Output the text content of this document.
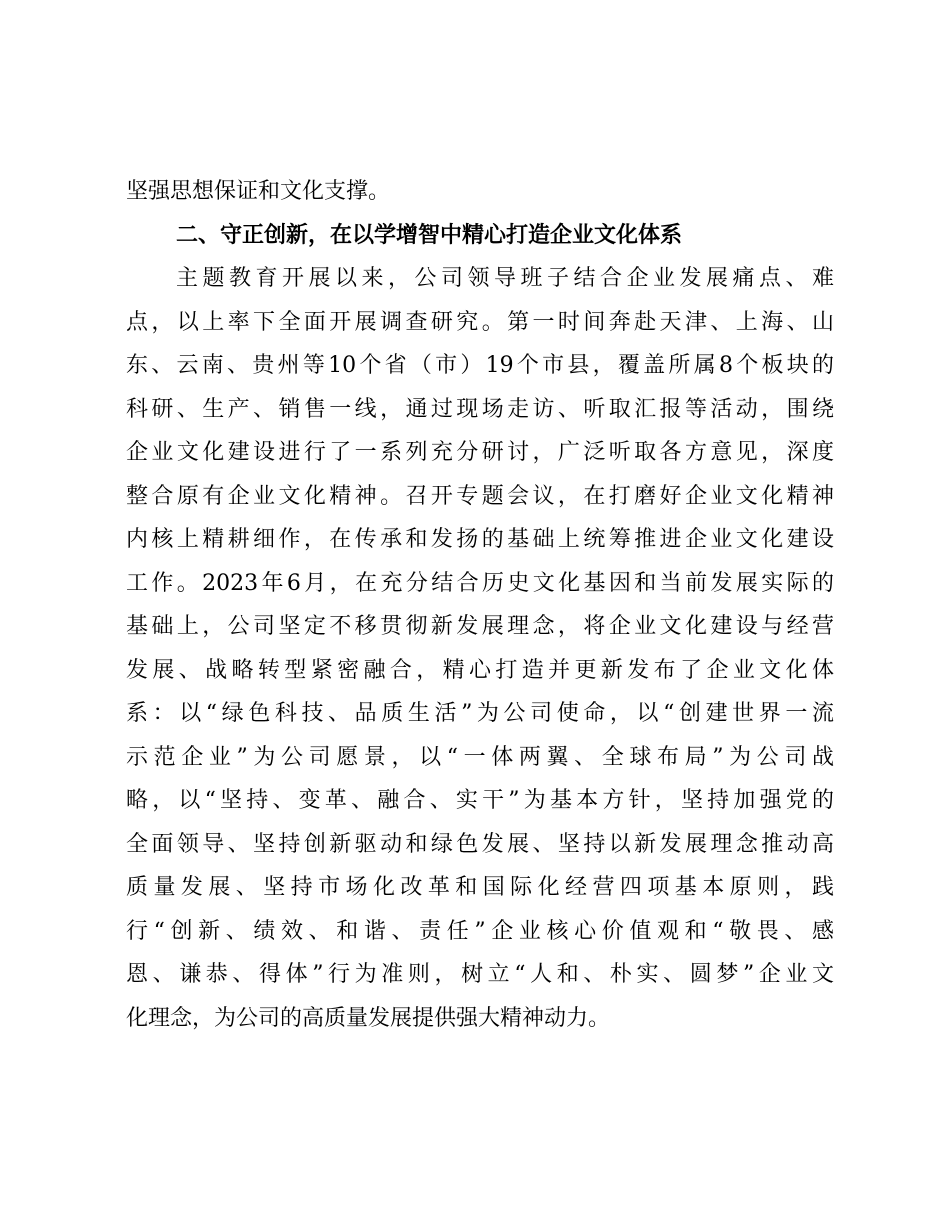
坚强思想保证和文化支撑。
二、守正创新，在以学增智中精心打造企业文化体系
主题教育开展以来，公司领导班子结合企业发展痛点、难
点，以上率下全面开展调查研究。第一时间奔赴天津、上海、山
东、云南、贵州等10个省（市）19个市县，覆盖所属8个板块的
科研、生产、销售一线，通过现场走访、听取汇报等活动，围绕
企业文化建设进行了一系列充分研讨，广泛听取各方意见，深度
整合原有企业文化精神。召开专题会议，在打磨好企业文化精神
内核上精耕细作，在传承和发扬的基础上统筹推进企业文化建设
工作。2023年6月，在充分结合历史文化基因和当前发展实际的
基础上，公司坚定不移贯彻新发展理念，将企业文化建设与经营
发展、战略转型紧密融合，精心打造并更新发布了企业文化体
系：以“绿色科技、品质生活”为公司使命，以“创建世界一流
示范企业”为公司愿景，以“一体两翼、全球布局”为公司战
略，以“坚持、变革、融合、实干”为基本方针，坚持加强党的
全面领导、坚持创新驱动和绿色发展、坚持以新发展理念推动高
质量发展、坚持市场化改革和国际化经营四项基本原则，践
行“创新、绩效、和谐、责任”企业核心价值观和“敬畏、感
恩、谦恭、得体”行为准则，树立“人和、朴实、圆梦”企业文
化理念，为公司的高质量发展提供强大精神动力。
